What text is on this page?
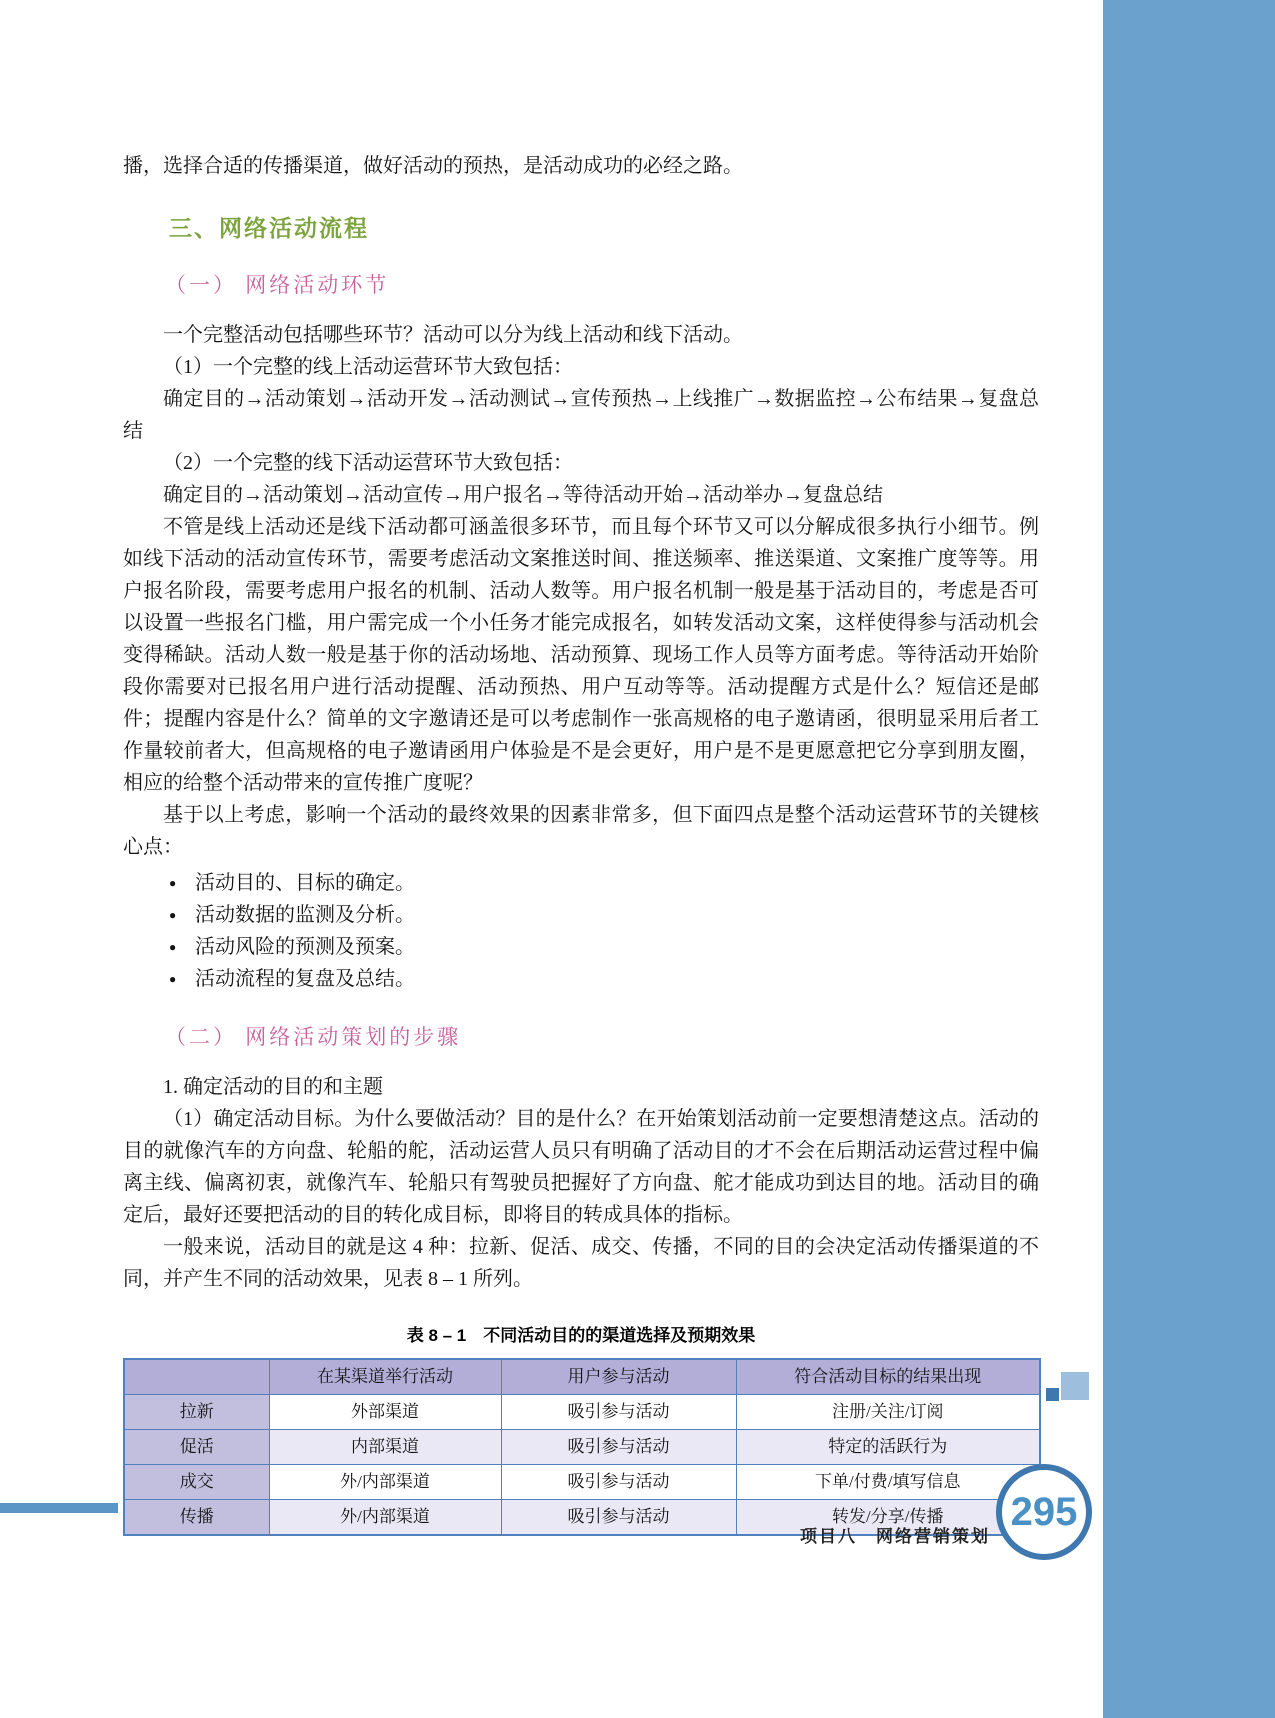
播，选择合适的传播渠道，做好活动的预热，是活动成功的必经之路。

三、网络活动流程
（一） 网络活动环节

一个完整活动包括哪些环节？活动可以分为线上活动和线下活动。

（1）一个完整的线上活动运营环节大致包括：

确定目的→活动策划→活动开发→活动测试→宣传预热→上线推广→数据监控→公布结果→复盘总结

（2）一个完整的线下活动运营环节大致包括：

确定目的→活动策划→活动宣传→用户报名→等待活动开始→活动举办→复盘总结

不管是线上活动还是线下活动都可涵盖很多环节，而且每个环节又可以分解成很多执行小细节。例如线下活动的活动宣传环节，需要考虑活动文案推送时间、推送频率、推送渠道、文案推广度等等。用户报名阶段，需要考虑用户报名的机制、活动人数等。用户报名机制一般是基于活动目的，考虑是否可以设置一些报名门槛，用户需完成一个小任务才能完成报名，如转发活动文案，这样使得参与活动机会变得稀缺。活动人数一般是基于你的活动场地、活动预算、现场工作人员等方面考虑。等待活动开始阶段你需要对已报名用户进行活动提醒、活动预热、用户互动等等。活动提醒方式是什么？短信还是邮件；提醒内容是什么？简单的文字邀请还是可以考虑制作一张高规格的电子邀请函，很明显采用后者工作量较前者大，但高规格的电子邀请函用户体验是不是会更好，用户是不是更愿意把它分享到朋友圈，相应的给整个活动带来的宣传推广度呢？

基于以上考虑，影响一个活动的最终效果的因素非常多，但下面四点是整个活动运营环节的关键核心点：

● 活动目的、目标的确定。
● 活动数据的监测及分析。
● 活动风险的预测及预案。
● 活动流程的复盘及总结。
（二） 网络活动策划的步骤

1. 确定活动的目的和主题

（1）确定活动目标。为什么要做活动？目的是什么？在开始策划活动前一定要想清楚这点。活动的目的就像汽车的方向盘、轮船的舵，活动运营人员只有明确了活动目的才不会在后期活动运营过程中偏离主线、偏离初衷，就像汽车、轮船只有驾驶员把握好了方向盘、舵才能成功到达目的地。活动目的确定后，最好还要把活动的目的转化成目标，即将目的转成具体的指标。

一般来说，活动目的就是这 4 种：拉新、促活、成交、传播，不同的目的会决定活动传播渠道的不同，并产生不同的活动效果，见表 8 – 1 所列。

表 8 – 1　不同活动目的的渠道选择及预期效果
	在某渠道举行活动	用户参与活动	符合活动目标的结果出现
拉新	外部渠道	吸引参与活动	注册/关注/订阅
促活	内部渠道	吸引参与活动	特定的活跃行为
成交	外/内部渠道	吸引参与活动	下单/付费/填写信息
传播	外/内部渠道	吸引参与活动	转发/分享/传播
项目八　网络营销策划
295
